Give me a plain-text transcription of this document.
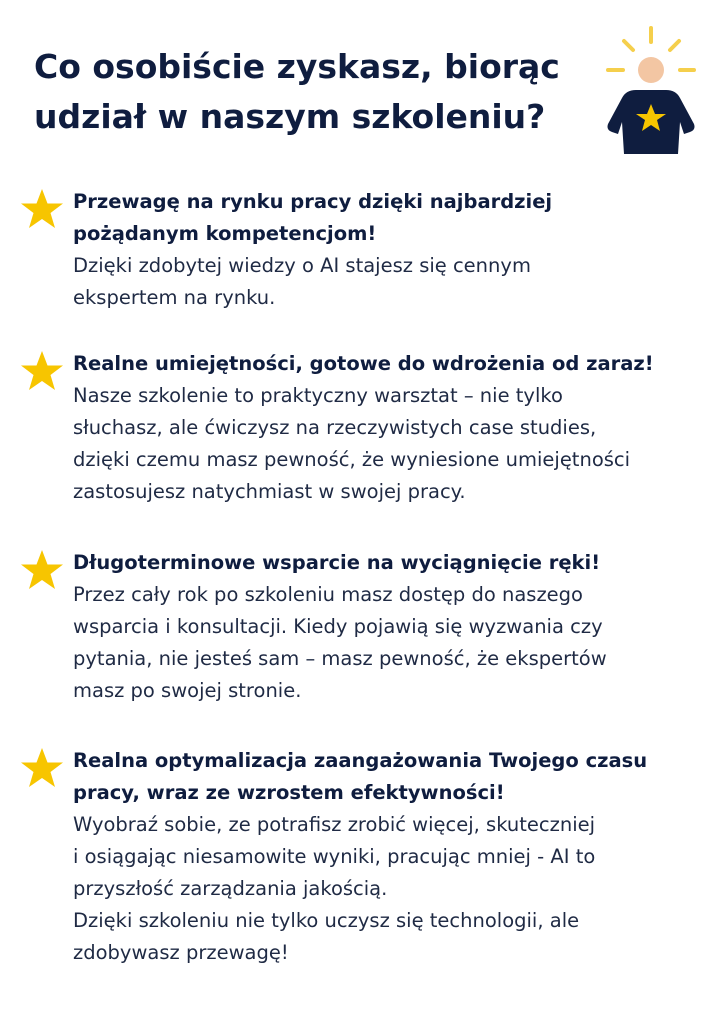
Co osobiście zyskasz, biorąc
udział w naszym szkoleniu?
Przewagę na rynku pracy dzięki najbardziej
pożądanym kompetencjom!
Dzięki zdobytej wiedzy o AI stajesz się cennym
ekspertem na rynku.
Realne umiejętności, gotowe do wdrożenia od zaraz!
Nasze szkolenie to praktyczny warsztat – nie tylko
słuchasz, ale ćwiczysz na rzeczywistych case studies,
dzięki czemu masz pewność, że wyniesione umiejętności
zastosujesz natychmiast w swojej pracy.
Długoterminowe wsparcie na wyciągnięcie ręki!
Przez cały rok po szkoleniu masz dostęp do naszego
wsparcia i konsultacji. Kiedy pojawią się wyzwania czy
pytania, nie jesteś sam – masz pewność, że ekspertów
masz po swojej stronie.
Realna optymalizacja zaangażowania Twojego czasu
pracy, wraz ze wzrostem efektywności!
Wyobraź sobie, ze potrafisz zrobić więcej, skuteczniej
i osiągając niesamowite wyniki, pracując mniej - AI to
przyszłość zarządzania jakością.
Dzięki szkoleniu nie tylko uczysz się technologii, ale
zdobywasz przewagę!
